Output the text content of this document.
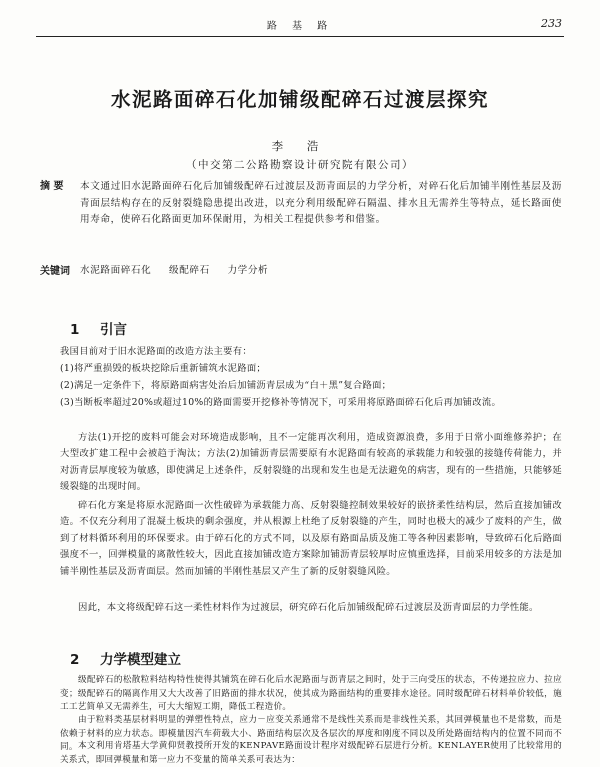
路 基 路	233
水泥路面碎石化加铺级配碎石过渡层探究
李 浩
（中交第二公路勘察设计研究院有限公司）
摘 要 本文通过旧水泥路面碎石化后加铺级配碎石过渡层及沥青面层的力学分析，对碎石化后加铺半刚性基层及沥青面层结构存在的反射裂缝隐患提出改进，以充分利用级配碎石隔温、排水且无需养生等特点，延长路面使用寿命，使碎石化路面更加环保耐用，为相关工程提供参考和借鉴。
关键词 水泥路面碎石化 级配碎石 力学分析
1 引言
我国目前对于旧水泥路面的改造方法主要有：
(1)将严重损毁的板块挖除后重新铺筑水泥路面；
(2)满足一定条件下，将原路面病害处治后加铺沥青层成为“白＋黑”复合路面；
(3)当断板率超过20%或超过10%的路面需要开挖修补等情况下，可采用将原路面碎石化后再加铺改流。
方法(1)开挖的废料可能会对环境造成影响，且不一定能再次利用，造成资源浪费，多用于日常小面维修养护；在大型改扩建工程中会被趋于淘汰；方法(2)加铺沥青层需要原有水泥路面有较高的承载能力和较强的接缝传荷能力，并对沥青层厚度较为敏感，即使满足上述条件，反射裂缝的出现和发生也是无法避免的病害，现有的一些措施，只能够延缓裂缝的出现时间。
碎石化方案是将原水泥路面一次性破碎为承载能力高、反射裂缝控制效果较好的嵌挤柔性结构层，然后直接加铺改造。不仅充分利用了混凝土板块的剩余强度，并从根源上杜绝了反射裂缝的产生，同时也极大的减少了废料的产生，做到了材料循环利用的环保要求。由于碎石化的方式不同，以及原有路面品质及施工等各种因素影响，导致碎石化后路面强度不一，回弹模量的离散性较大，因此直接加铺改造方案除加铺沥青层较厚时应慎重选择，目前采用较多的方法是加铺半刚性基层及沥青面层。然而加铺的半刚性基层又产生了新的反射裂缝风险。
因此，本文将级配碎石这一柔性材料作为过渡层，研究碎石化后加铺级配碎石过渡层及沥青面层的力学性能。
2 力学模型建立
级配碎石的松散粒料结构特性使得其铺筑在碎石化后水泥路面与沥青层之间时，处于三向受压的状态，不传递拉应力、拉应变；级配碎石的隔离作用又大大改善了旧路面的排水状况，使其成为路面结构的重要排水途径。同时级配碎石材料单价较低，施工工艺简单又无需养生，可大大缩短工期，降低工程造价。
由于粒料类基层材料明显的弹塑性特点，应力－应变关系通常不是线性关系而是非线性关系，其回弹模量也不是常数，而是依赖于材料的应力状态。即模量因汽车荷载大小、路面结构层次及各层次的厚度和刚度不同以及所处路面结构内的位置不同而不同。 本文利用肯塔基大学黄仰贤教授所开发的KENPAVE路面设计程序对级配碎石层进行分析。KENLAYER使用了比较常用的关系式，即回弹模量和第一应力不变量的简单关系可表达为：
